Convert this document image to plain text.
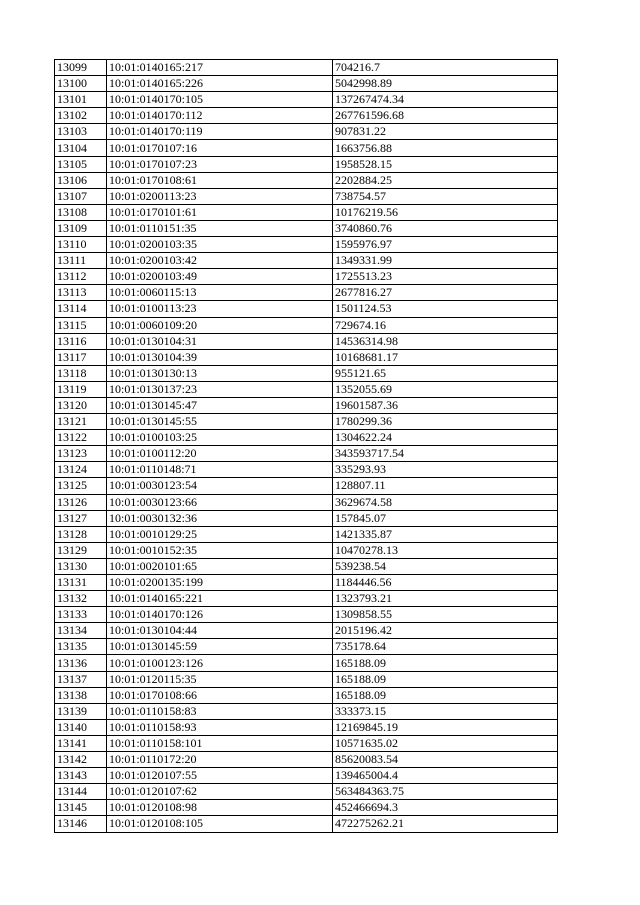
13099	10:01:0140165:217	704216.7
13100	10:01:0140165:226	5042998.89
13101	10:01:0140170:105	137267474.34
13102	10:01:0140170:112	267761596.68
13103	10:01:0140170:119	907831.22
13104	10:01:0170107:16	1663756.88
13105	10:01:0170107:23	1958528.15
13106	10:01:0170108:61	2202884.25
13107	10:01:0200113:23	738754.57
13108	10:01:0170101:61	10176219.56
13109	10:01:0110151:35	3740860.76
13110	10:01:0200103:35	1595976.97
13111	10:01:0200103:42	1349331.99
13112	10:01:0200103:49	1725513.23
13113	10:01:0060115:13	2677816.27
13114	10:01:0100113:23	1501124.53
13115	10:01:0060109:20	729674.16
13116	10:01:0130104:31	14536314.98
13117	10:01:0130104:39	10168681.17
13118	10:01:0130130:13	955121.65
13119	10:01:0130137:23	1352055.69
13120	10:01:0130145:47	19601587.36
13121	10:01:0130145:55	1780299.36
13122	10:01:0100103:25	1304622.24
13123	10:01:0100112:20	343593717.54
13124	10:01:0110148:71	335293.93
13125	10:01:0030123:54	128807.11
13126	10:01:0030123:66	3629674.58
13127	10:01:0030132:36	157845.07
13128	10:01:0010129:25	1421335.87
13129	10:01:0010152:35	10470278.13
13130	10:01:0020101:65	539238.54
13131	10:01:0200135:199	1184446.56
13132	10:01:0140165:221	1323793.21
13133	10:01:0140170:126	1309858.55
13134	10:01:0130104:44	2015196.42
13135	10:01:0130145:59	735178.64
13136	10:01:0100123:126	165188.09
13137	10:01:0120115:35	165188.09
13138	10:01:0170108:66	165188.09
13139	10:01:0110158:83	333373.15
13140	10:01:0110158:93	12169845.19
13141	10:01:0110158:101	10571635.02
13142	10:01:0110172:20	85620083.54
13143	10:01:0120107:55	139465004.4
13144	10:01:0120107:62	563484363.75
13145	10:01:0120108:98	452466694.3
13146	10:01:0120108:105	472275262.21
